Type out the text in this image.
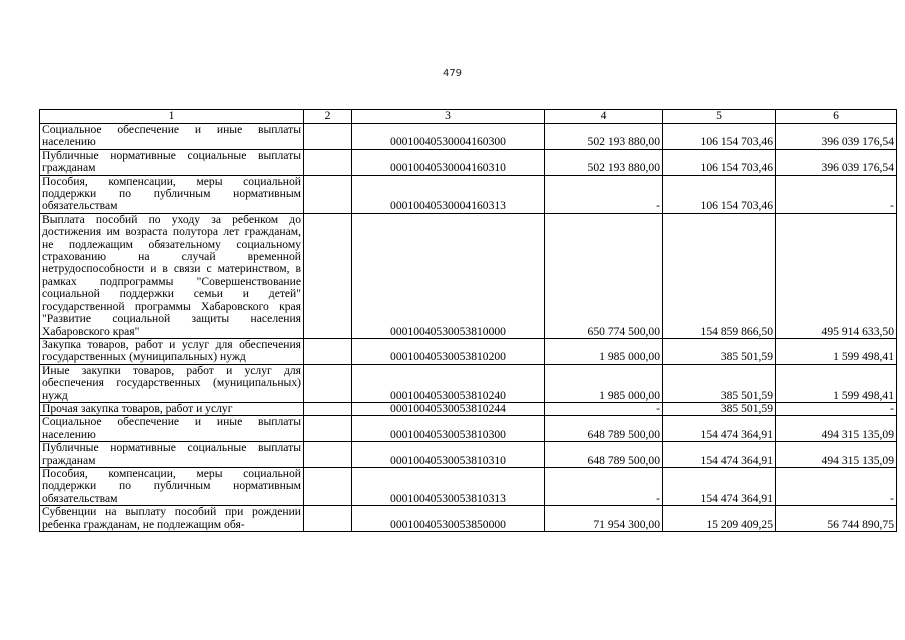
479
1	2	3	4	5	6
Социальное обеспечение и иные выплаты населению		00010040530004160300	502 193 880,00	106 154 703,46	396 039 176,54
Публичные нормативные социальные выплаты гражданам		00010040530004160310	502 193 880,00	106 154 703,46	396 039 176,54
Пособия, компенсации, меры социальной поддержки по публичным нормативным обязательствам		00010040530004160313	-	106 154 703,46	-
Выплата пособий по уходу за ребенком до достижения им возраста полутора лет гражданам, не подлежащим обязательному социальному страхованию на случай временной нетрудоспособности и в связи с материнством, в рамках подпрограммы "Совершенствование социальной поддержки семьи и детей" государственной программы Хабаровского края "Развитие социальной защиты населения Хабаровского края"		00010040530053810000	650 774 500,00	154 859 866,50	495 914 633,50
Закупка товаров, работ и услуг для обеспечения государственных (муниципальных) нужд		00010040530053810200	1 985 000,00	385 501,59	1 599 498,41
Иные закупки товаров, работ и услуг для обеспечения государственных (муниципальных) нужд		00010040530053810240	1 985 000,00	385 501,59	1 599 498,41
Прочая закупка товаров, работ и услуг		00010040530053810244	-	385 501,59	-
Социальное обеспечение и иные выплаты населению		00010040530053810300	648 789 500,00	154 474 364,91	494 315 135,09
Публичные нормативные социальные выплаты гражданам		00010040530053810310	648 789 500,00	154 474 364,91	494 315 135,09
Пособия, компенсации, меры социальной поддержки по публичным нормативным обязательствам		00010040530053810313	-	154 474 364,91	-
Субвенции на выплату пособий при рождении ребенка гражданам, не подлежащим обя-		00010040530053850000	71 954 300,00	15 209 409,25	56 744 890,75
